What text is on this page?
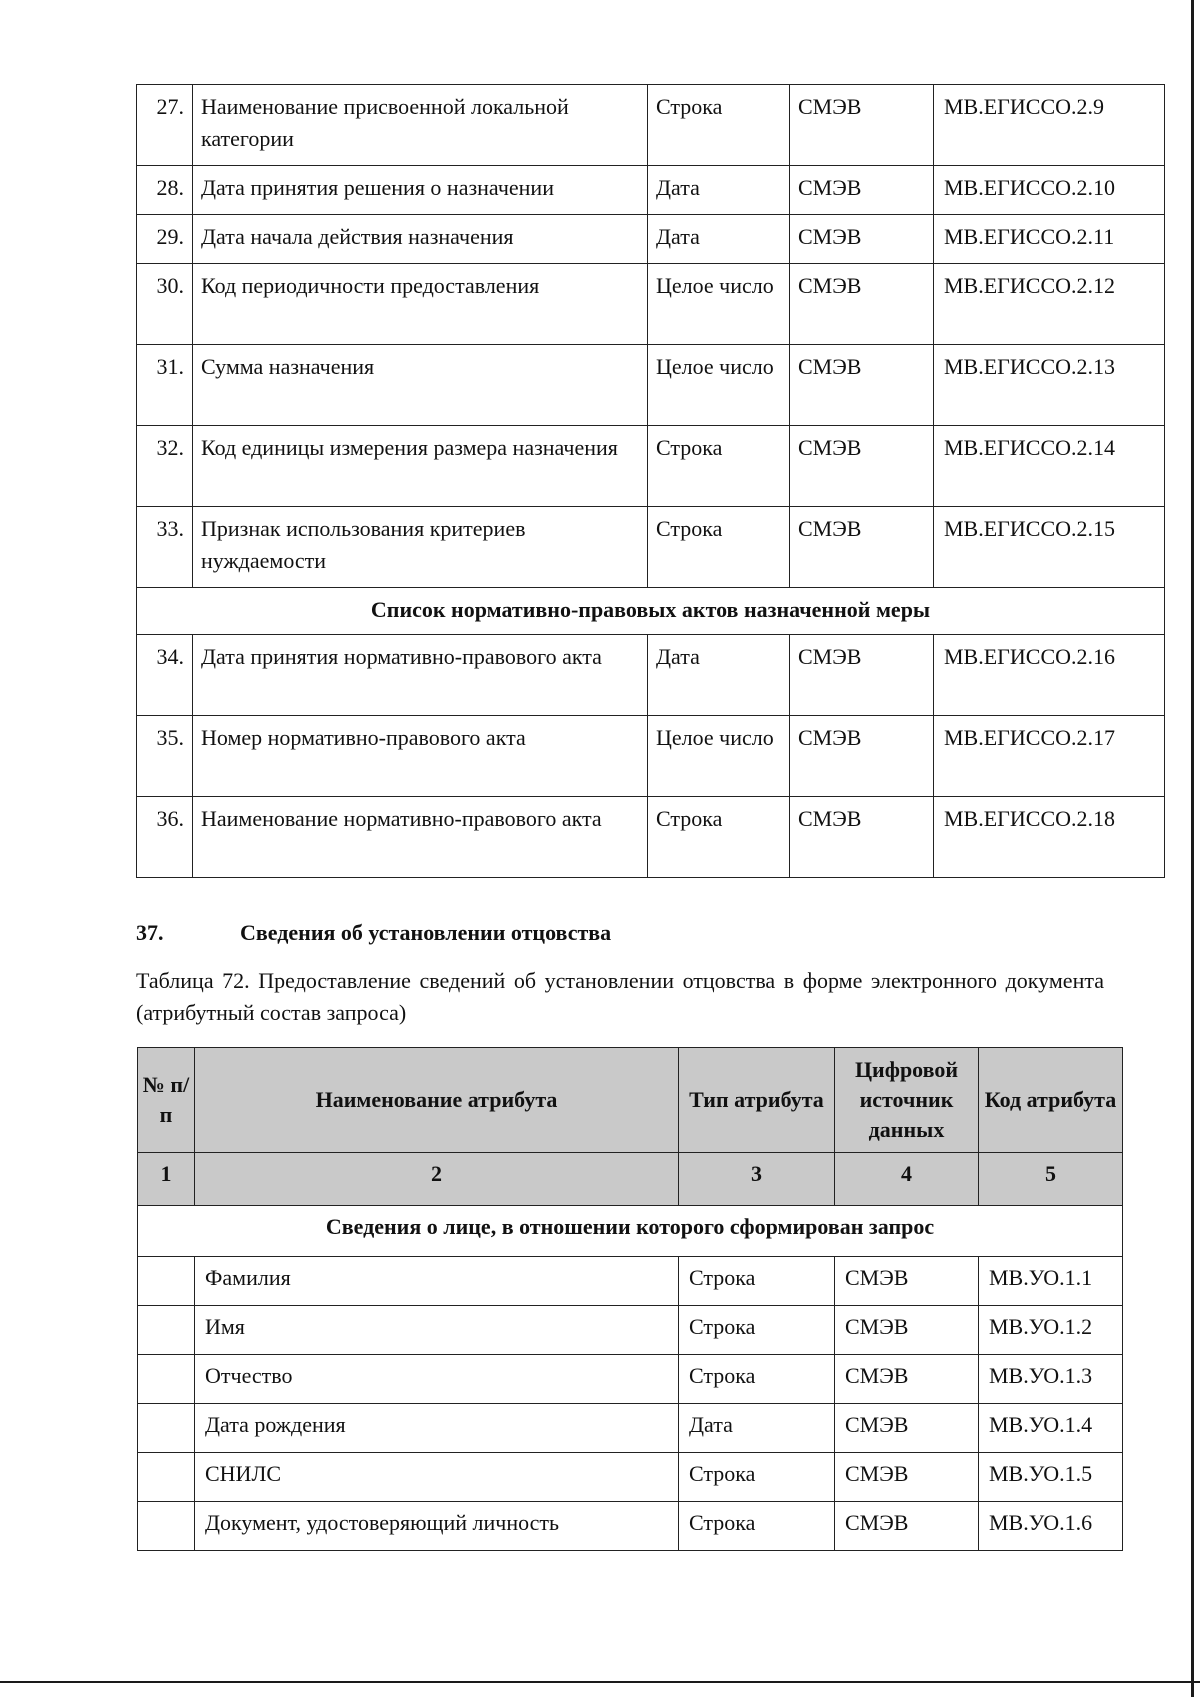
27.	Наименование присвоенной локальной категории	Строка	СМЭВ	МВ.ЕГИССО.2.9
28.	Дата принятия решения о назначении	Дата	СМЭВ	МВ.ЕГИССО.2.10
29.	Дата начала действия назначения	Дата	СМЭВ	МВ.ЕГИССО.2.11
30.	Код периодичности предоставления	Целое число	СМЭВ	МВ.ЕГИССО.2.12
31.	Сумма назначения	Целое число	СМЭВ	МВ.ЕГИССО.2.13
32.	Код единицы измерения размера назначения	Строка	СМЭВ	МВ.ЕГИССО.2.14
33.	Признак использования критериев нуждаемости	Строка	СМЭВ	МВ.ЕГИССО.2.15
Список нормативно-правовых актов назначенной меры				
34.	Дата принятия нормативно-правового акта	Дата	СМЭВ	МВ.ЕГИССО.2.16
35.	Номер нормативно-правового акта	Целое число	СМЭВ	МВ.ЕГИССО.2.17
36.	Наименование нормативно-правового акта	Строка	СМЭВ	МВ.ЕГИССО.2.18
37.	Сведения об установлении отцовства
Таблица 72. Предоставление сведений об установлении отцовства в форме электронного документа (атрибутный состав запроса)
№ п/п	Наименование атрибута	Тип атрибута	Цифровой источник данных	Код атрибута
1	2	3	4	5
Сведения о лице, в отношении которого сформирован запрос				
	Фамилия	Строка	СМЭВ	МВ.УО.1.1
	Имя	Строка	СМЭВ	МВ.УО.1.2
	Отчество	Строка	СМЭВ	МВ.УО.1.3
	Дата рождения	Дата	СМЭВ	МВ.УО.1.4
	СНИЛС	Строка	СМЭВ	МВ.УО.1.5
	Документ, удостоверяющий личность	Строка	СМЭВ	МВ.УО.1.6
